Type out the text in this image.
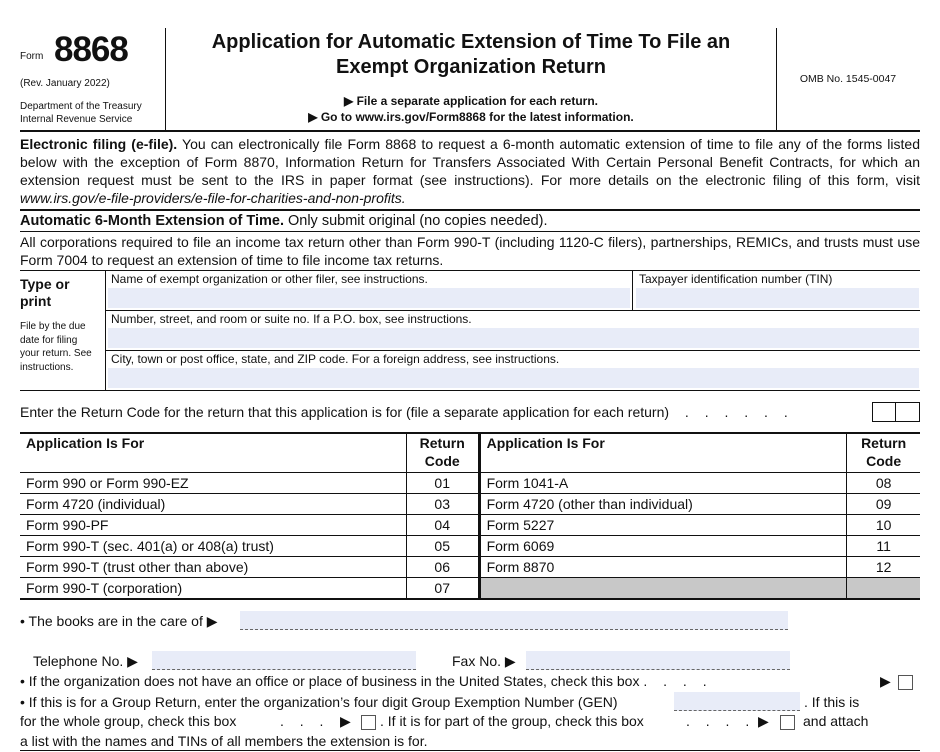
Form 8868
(Rev. January 2022)
Department of the Treasury
Internal Revenue Service
Application for Automatic Extension of Time To File an
Exempt Organization Return
▶ File a separate application for each return.
▶ Go to www.irs.gov/Form8868 for the latest information.
OMB No. 1545-0047
Electronic filing (e-file). You can electronically file Form 8868 to request a 6-month automatic extension of time to file any of the forms listed below with the exception of Form 8870, Information Return for Transfers Associated With Certain Personal Benefit Contracts, for which an extension request must be sent to the IRS in paper format (see instructions). For more details on the electronic filing of this form, visit www.irs.gov/e-file-providers/e-file-for-charities-and-non-profits.
Automatic 6-Month Extension of Time. Only submit original (no copies needed).
All corporations required to file an income tax return other than Form 990-T (including 1120-C filers), partnerships, REMICs, and trusts must use Form 7004 to request an extension of time to file income tax returns.
Type or print
File by the due date for filing your return. See instructions.
Name of exempt organization or other filer, see instructions.	Taxpayer identification number (TIN)
Number, street, and room or suite no. If a P.O. box, see instructions.
City, town or post office, state, and ZIP code. For a foreign address, see instructions.
Enter the Return Code for the return that this application is for (file a separate application for each return) . . . . . .
Application Is For	Return Code	Application Is For	Return Code
Form 990 or Form 990-EZ	01	Form 1041-A	08
Form 4720 (individual)	03	Form 4720 (other than individual)	09
Form 990-PF	04	Form 5227	10
Form 990-T (sec. 401(a) or 408(a) trust)	05	Form 6069	11
Form 990-T (trust other than above)	06	Form 8870	12
Form 990-T (corporation)	07		
• The books are in the care of ▶
Telephone No. ▶	Fax No. ▶
• If the organization does not have an office or place of business in the United States, check this box . . . .	▶
• If this is for a Group Return, enter the organization’s four digit Group Exemption Number (GEN)	. If this is
for the whole group, check this box	. . . ▶ . If it is for part of the group, check this box	. . . . ▶ and attach
a list with the names and TINs of all members the extension is for.
